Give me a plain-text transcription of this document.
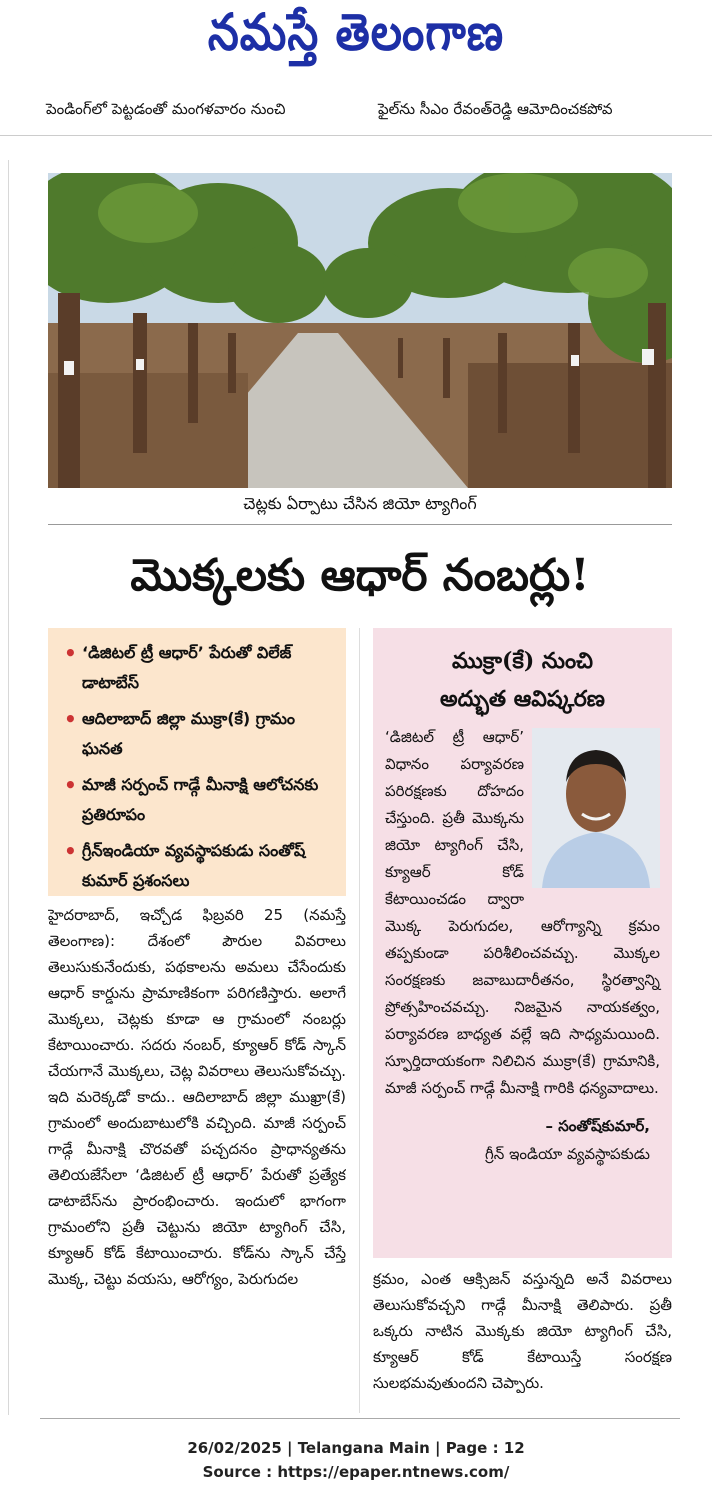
నమస్తే తెలంగాణ
పెండింగ్‌లో పెట్టడంతో మంగళవారం నుంచి	ఫైల్‌ను సీఎం రేవంత్‌రెడ్డి ఆమోదించకపోవ
చెట్లకు ఏర్పాటు చేసిన జియో ట్యాగింగ్
మొక్కలకు ఆధార్ నంబర్లు!
• ‘డిజిటల్ ట్రీ ఆధార్’ పేరుతో విలేజ్ డాటాబేస్
• ఆదిలాబాద్ జిల్లా ముక్రా(కే) గ్రామం ఘనత
• మాజీ సర్పంచ్ గాడ్గే మీనాక్షి ఆలోచనకు ప్రతిరూపం
• గ్రీన్‌ఇండియా వ్యవస్థాపకుడు సంతోష్ కుమార్ ప్రశంసలు
ముక్రా(కే) నుంచి
అద్భుత ఆవిష్కరణ
‘డిజిటల్ ట్రీ ఆధార్’ విధానం పర్యావరణ పరిరక్షణకు దోహదం చేస్తుంది. ప్రతీ మొక్కను జియో ట్యాగింగ్ చేసి, క్యూఆర్ కోడ్ కేటాయించడం ద్వారా మొక్క పెరుగుదల, ఆరోగ్యాన్ని క్రమం తప్పకుండా పరిశీలించవచ్చు. మొక్కల సంరక్షణకు జవాబుదారీతనం, స్థిరత్వాన్ని ప్రోత్సహించవచ్చు. నిజమైన నాయకత్వం, పర్యావరణ బాధ్యత వల్లే ఇది సాధ్యమయింది. స్ఫూర్తిదాయకంగా నిలిచిన ముక్రా(కే) గ్రామానికి, మాజీ సర్పంచ్ గాడ్గే మీనాక్షి గారికి ధన్యవాదాలు.
– సంతోష్‌కుమార్,
గ్రీన్ ఇండియా వ్యవస్థాపకుడు
హైదరాబాద్, ఇచ్చోడ ఫిబ్రవరి 25 (నమస్తే తెలంగాణ): దేశంలో పౌరుల వివరాలు తెలుసుకునేందుకు, పథకాలను అమలు చేసేందుకు ఆధార్ కార్డును ప్రామాణికంగా పరిగణిస్తారు. అలాగే మొక్కలు, చెట్లకు కూడా ఆ గ్రామంలో నంబర్లు కేటాయించారు. సదరు నంబర్, క్యూఆర్ కోడ్ స్కాన్ చేయగానే మొక్కలు, చెట్ల వివరాలు తెలుసుకోవచ్చు. ఇది మరెక్కడో కాదు.. ఆదిలాబాద్ జిల్లా ముఖ్రా(కే) గ్రామంలో అందుబాటులోకి వచ్చింది. మాజీ సర్పంచ్ గాడ్గే మీనాక్షి చొరవతో పచ్చదనం ప్రాధాన్యతను తెలియజేసేలా ‘డిజిటల్ ట్రీ ఆధార్’ పేరుతో ప్రత్యేక డాటాబేస్‌ను ప్రారంభించారు. ఇందులో భాగంగా గ్రామంలోని ప్రతీ చెట్టును జియో ట్యాగింగ్ చేసి, క్యూఆర్ కోడ్ కేటాయించారు. కోడ్‌ను స్కాన్ చేస్తే మొక్క, చెట్టు వయసు, ఆరోగ్యం, పెరుగుదల	క్రమం, ఎంత ఆక్సిజన్ వస్తున్నది అనే వివరాలు తెలుసుకోవచ్చని గాడ్గే మీనాక్షి తెలిపారు. ప్రతీ ఒక్కరు నాటిన మొక్కకు జియో ట్యాగింగ్ చేసి, క్యూఆర్ కోడ్ కేటాయిస్తే సంరక్షణ సులభమవుతుందని చెప్పారు.
26/02/2025 | Telangana Main | Page : 12
Source : https://epaper.ntnews.com/
